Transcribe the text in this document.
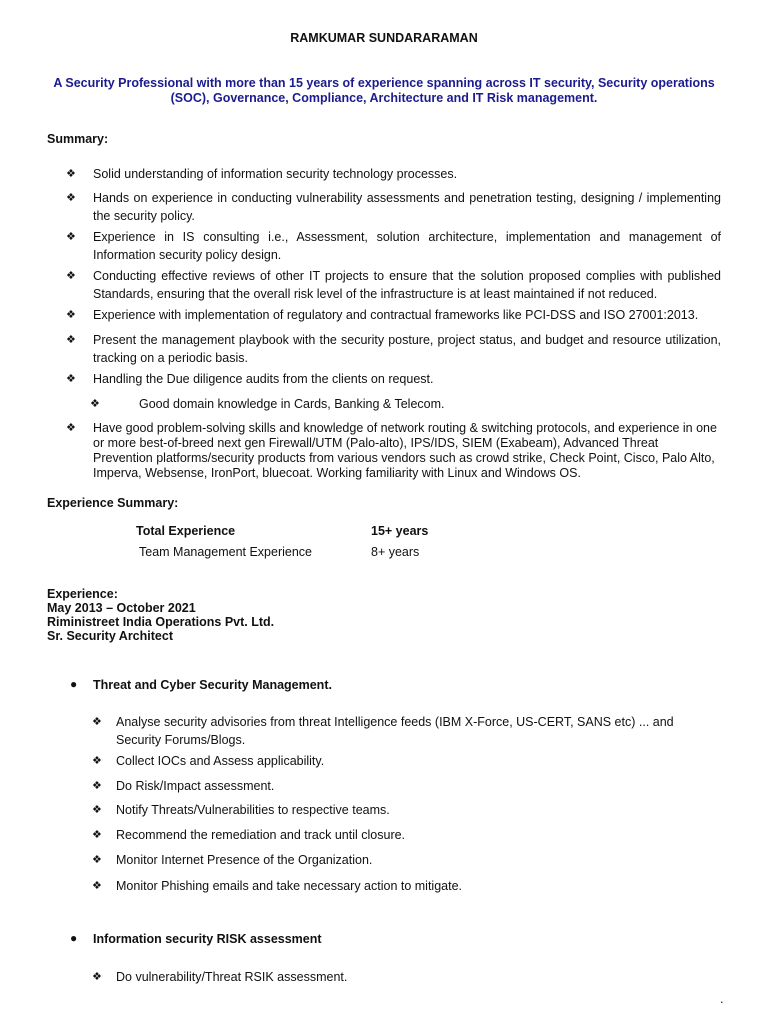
RAMKUMAR SUNDARARAMAN
A Security Professional with more than 15 years of experience spanning across IT security, Security operations (SOC), Governance, Compliance, Architecture and IT Risk management.
Summary:
❖	Solid understanding of information security technology processes.
❖	Hands on experience in conducting vulnerability assessments and penetration testing, designing / implementing the security policy.
❖	Experience in IS consulting i.e., Assessment, solution architecture, implementation and management of Information security policy design.
❖	Conducting effective reviews of other IT projects to ensure that the solution proposed complies with published Standards, ensuring that the overall risk level of the infrastructure is at least maintained if not reduced.
❖	Experience with implementation of regulatory and contractual frameworks like PCI-DSS and ISO 27001:2013.
❖	Present the management playbook with the security posture, project status, and budget and resource utilization, tracking on a periodic basis.
❖	Handling the Due diligence audits from the clients on request.
❖	Good domain knowledge in Cards, Banking & Telecom.
❖	Have good problem-solving skills and knowledge of network routing & switching protocols, and experience in one or more best-of-breed next gen Firewall/UTM (Palo-alto), IPS/IDS, SIEM (Exabeam), Advanced Threat Prevention platforms/security products from various vendors such as crowd strike, Check Point, Cisco, Palo Alto, Imperva, Websense, IronPort, bluecoat. Working familiarity with Linux and Windows OS.
Experience Summary:
Total Experience	15+ years
Team Management Experience	8+ years
Experience:
May 2013 – October 2021
Riministreet India Operations Pvt. Ltd.
Sr. Security Architect
● Threat and Cyber Security Management.
❖ Analyse security advisories from threat Intelligence feeds (IBM X-Force, US-CERT, SANS etc) ... and Security Forums/Blogs.
❖ Collect IOCs and Assess applicability.
❖ Do Risk/Impact assessment.
❖ Notify Threats/Vulnerabilities to respective teams.
❖ Recommend the remediation and track until closure.
❖ Monitor Internet Presence of the Organization.
❖ Monitor Phishing emails and take necessary action to mitigate.
● Information security RISK assessment
❖ Do vulnerability/Threat RSIK assessment.
.
